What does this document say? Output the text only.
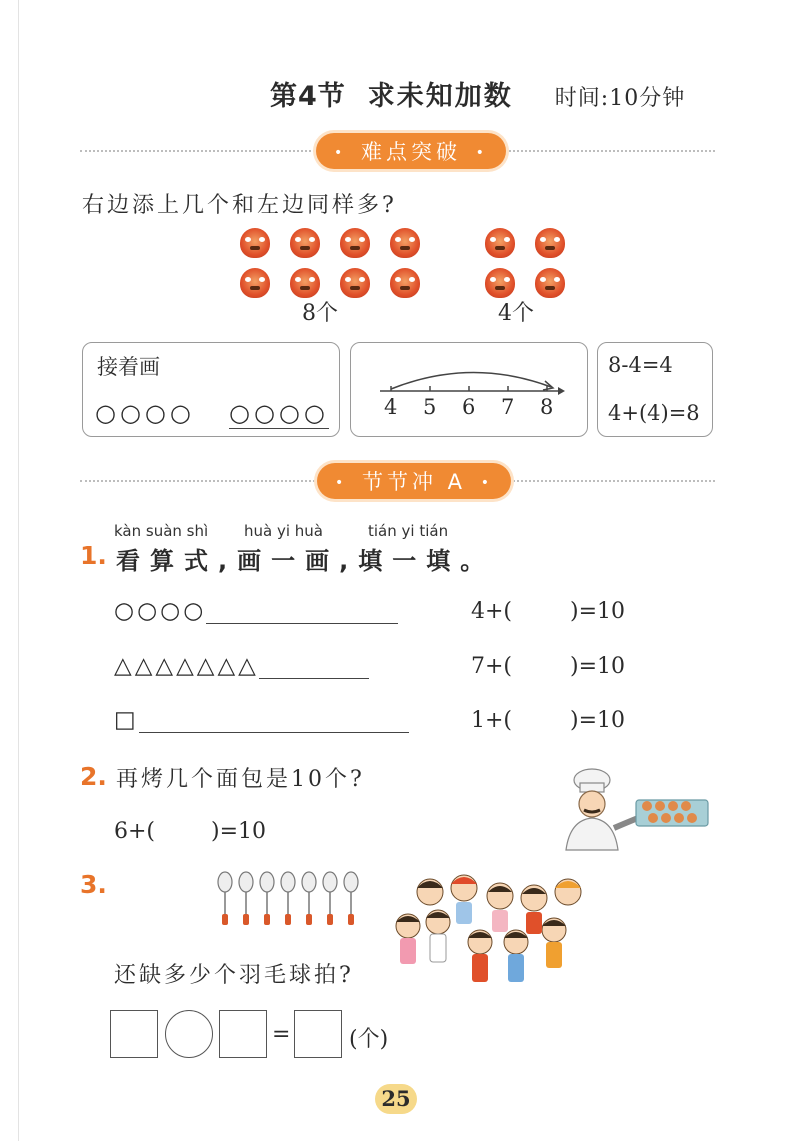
第4节 求未知加数 时间:10分钟
• 难点突破 •
右边添上几个和左边同样多?
8个	4个
接着画
○○○○ ○○○○	4 5 6 7 8
8-4=4
4+(4)=8
• 节节冲 A •
kàn suàn shì huà yi huà	tián yi tián
1. 看算式,画一画,填一填。
○○○○	4+(	)=10
△△△△△△△	7+(	)=10
□	1+(	)=10
2. 再烤几个面包是10个?
6+(	)=10
3.
还缺多少个羽毛球拍?
=	(个)
25
